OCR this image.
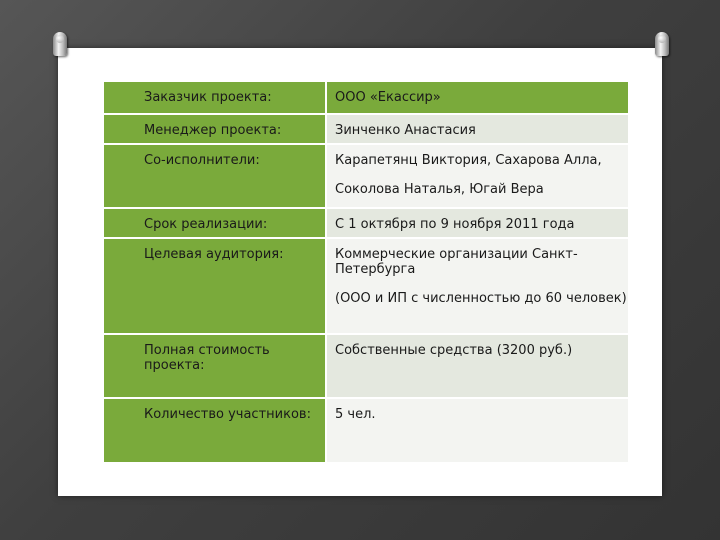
Заказчик проекта:	ООО «Екассир»
Менеджер проекта:	Зинченко Анастасия
Со-исполнители:	Карапетянц Виктория, Сахарова Алла,
Соколова Наталья, Югай Вера

Срок реализации:	С 1 октября по 9 ноября 2011 года
Целевая аудитория:	Коммерческие организации Санкт- Петербурга
(ООО и ИП с численностью до 60 человек)

Полная стоимость проекта:	Собственные средства (3200 руб.)
Количество участников:	5 чел.
